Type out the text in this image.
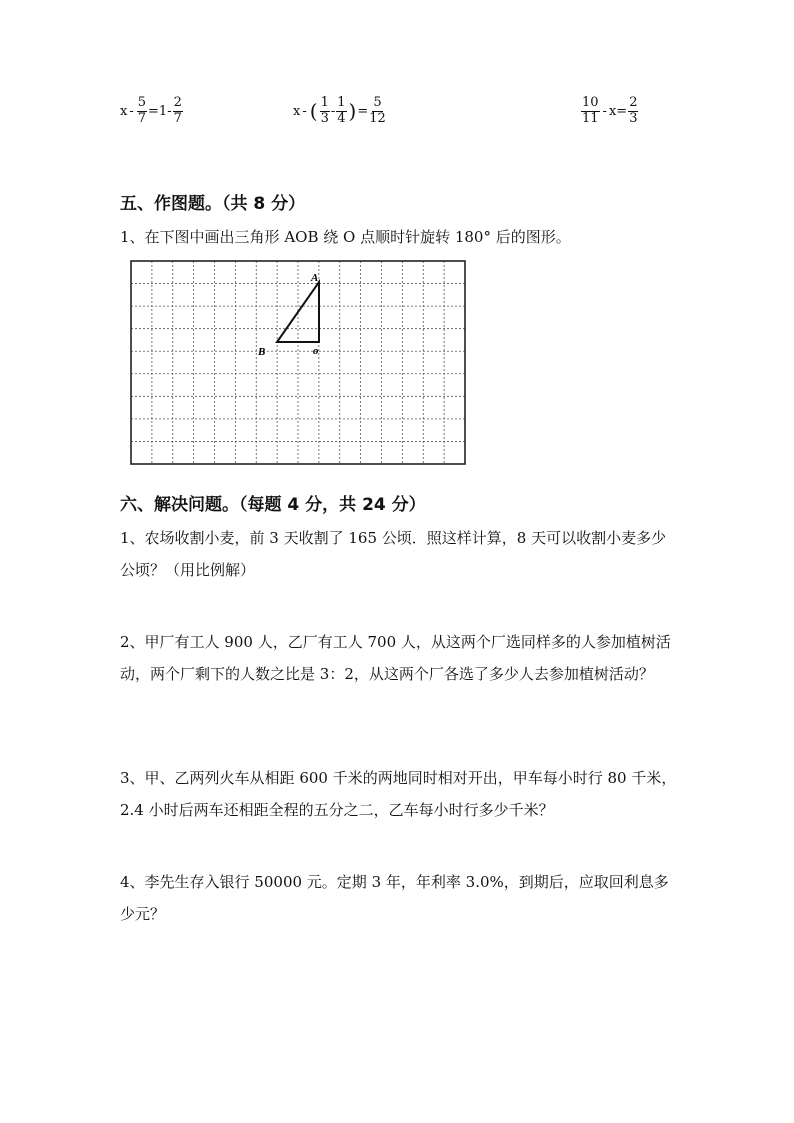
$x - \frac{5}{7} =1- \frac{2}{7}$	x - ( $\frac{1}{3} - \frac{1}{4}$ ) = $\frac{5}{12}$	$\frac{10}{11} - x = \frac{2}{3}$
五、作图题。（共 8 分）
1、在下图中画出三角形 AOB 绕 O 点顺时针旋转 180° 后的图形。
A
B	o
六、解决问题。（每题 4 分，共 24 分）
1、农场收割小麦，前 3 天收割了 165 公顷．照这样计算，8 天可以收割小麦多少公顷？（用比例解）
2、甲厂有工人 900 人，乙厂有工人 700 人，从这两个厂选同样多的人参加植树活动，两个厂剩下的人数之比是 3：2，从这两个厂各选了多少人去参加植树活动？
3、甲、乙两列火车从相距 600 千米的两地同时相对开出，甲车每小时行 80 千米，2.4 小时后两车还相距全程的五分之二，乙车每小时行多少千米？
4、李先生存入银行 50000 元。定期 3 年，年利率 3.0%，到期后，应取回利息多少元？
